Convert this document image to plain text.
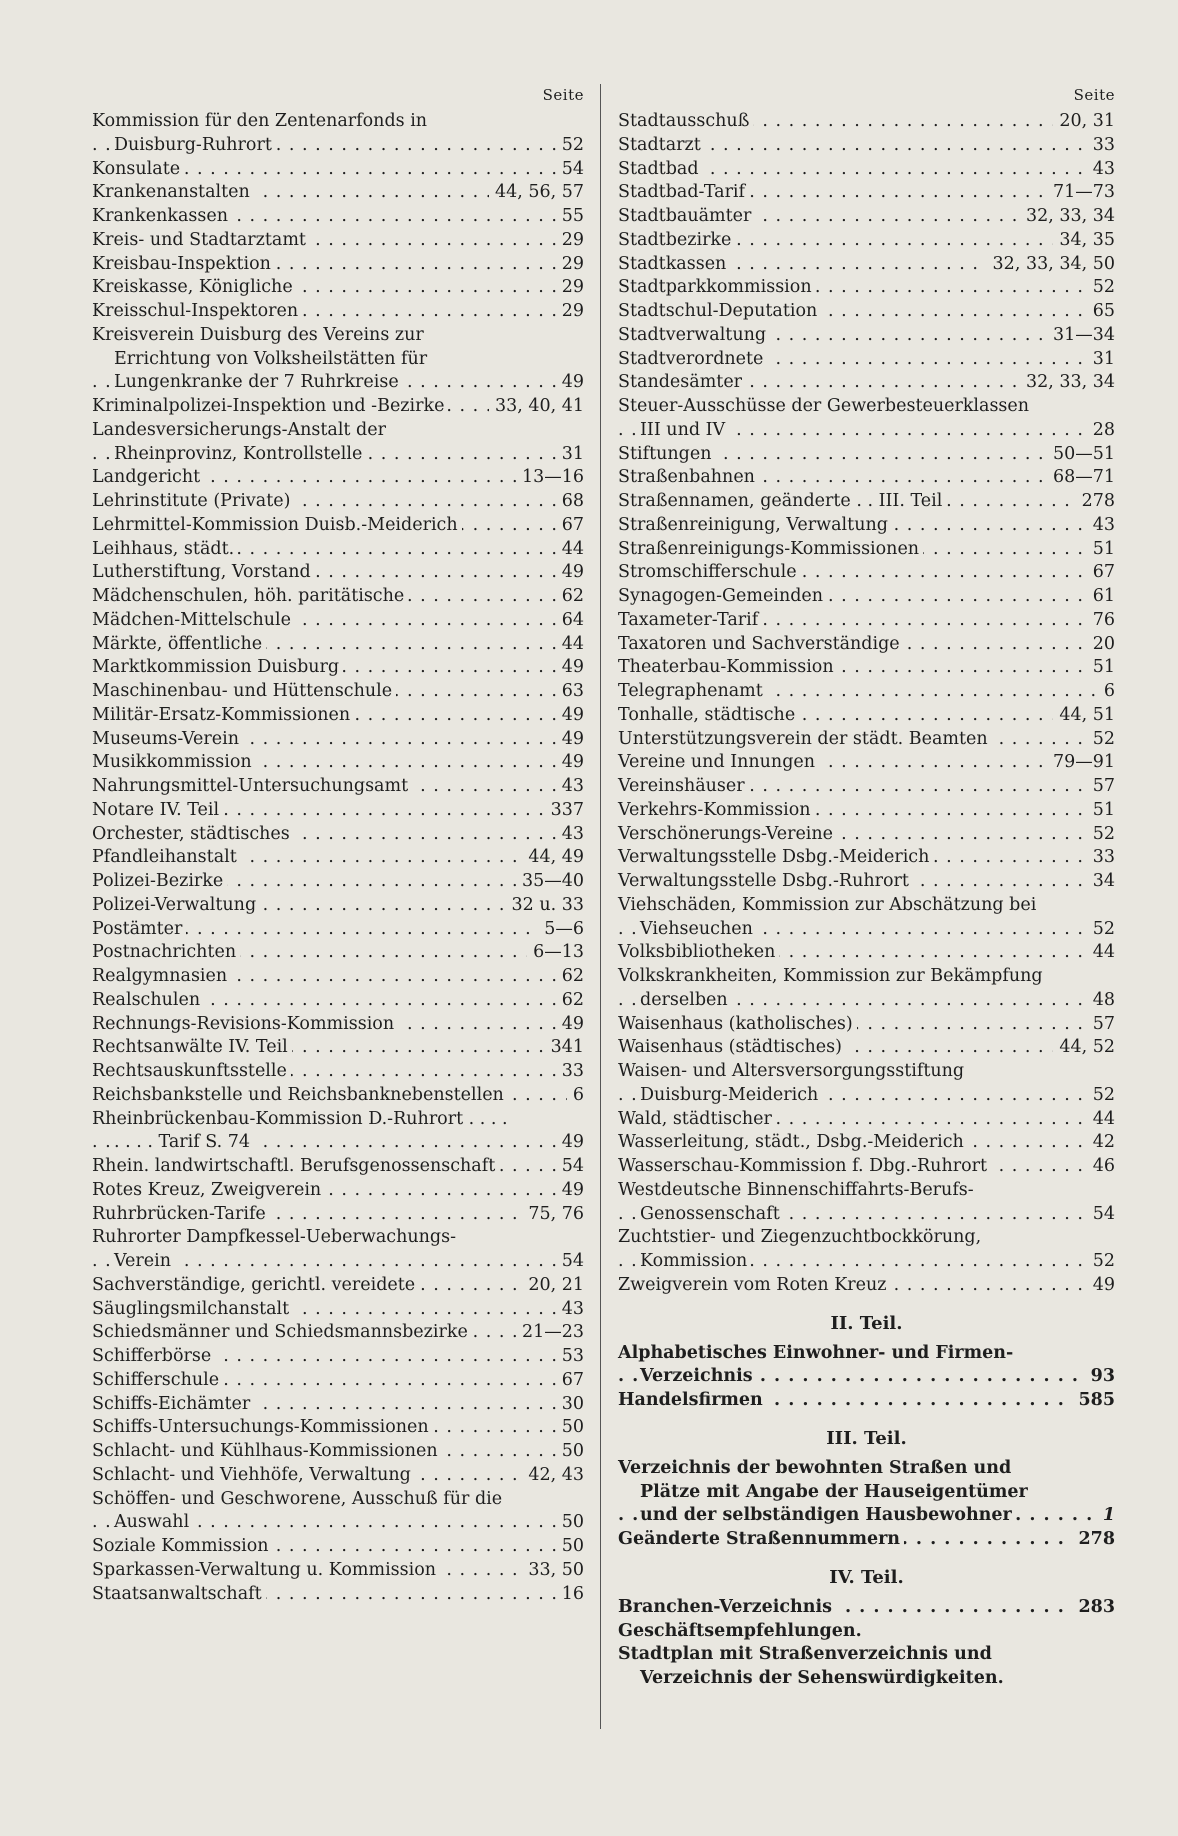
Seite
Kommission für den Zentenarfonds in Duisburg-Ruhrort	52
. . .
Konsulate	54
. . .
Krankenanstalten	44, 56, 57
. . .
Krankenkassen	55
. . .
Kreis- und Stadtarztamt	29
. . .
Kreisbau-Inspektion	29
. . .
Kreiskasse, Königliche	29
. . .
Kreisschul-Inspektoren	29
. . .
Kreisverein Duisburg des Vereins zur Errichtung von Volksheilstätten für Lungenkranke der 7 Ruhrkreise	49
. . .
Kriminalpolizei-Inspektion und -Bezirke	33, 40, 41
. . .
Landesversicherungs-Anstalt der Rheinprovinz, Kontrollstelle	31
. . .
Landgericht	13—16
. . .
Lehrinstitute (Private)	68
. . .
Lehrmittel-Kommission Duisb.-Meiderich	67
. . .
Leihhaus, städt.	44
. . .
Lutherstiftung, Vorstand	49
. . .
Mädchenschulen, höh. paritätische	62
. . .
Mädchen-Mittelschule	64
. . .
Märkte, öffentliche	44
. . .
Marktkommission Duisburg	49
. . .
Maschinenbau- und Hüttenschule	63
. . .
Militär-Ersatz-Kommissionen	49
. . .
Museums-Verein	49
. . .
Musikkommission	49
. . .
Nahrungsmittel-Untersuchungsamt	43
. . .
Notare IV. Teil	337
. . .
Orchester, städtisches	43
. . .
Pfandleihanstalt	44, 49
. . .
Polizei-Bezirke	35—40
. . .
Polizei-Verwaltung	32 u. 33
. . .
Postämter	5—6
. . .
Postnachrichten	6—13
. . .
Realgymnasien	62
. . .
Realschulen	62
. . .
Rechnungs-Revisions-Kommission	49
. . .
Rechtsanwälte IV. Teil	341
. . .
Rechtsauskunftsstelle	33
. . .
Reichsbankstelle und Reichsbanknebenstellen	6
. . .
Rheinbrückenbau-Kommission D.-Ruhrort . . . . . . . . Tarif S. 74	49
. . .
Rhein. landwirtschaftl. Berufsgenossenschaft	54
. . .
Rotes Kreuz, Zweigverein	49
. . .
Ruhrbrücken-Tarife	75, 76
. . .
Ruhrorter Dampfkessel-Ueberwachungs-Verein	54
. . .
Sachverständige, gerichtl. vereidete	20, 21
. . .
Säuglingsmilchanstalt	43
. . .
Schiedsmänner und Schiedsmannsbezirke	21—23
. . .
Schifferbörse	53
. . .
Schifferschule	67
. . .
Schiffs-Eichämter	30
. . .
Schiffs-Untersuchungs-Kommissionen	50
. . .
Schlacht- und Kühlhaus-Kommissionen	50
. . .
Schlacht- und Viehhöfe, Verwaltung	42, 43
. . .
Schöffen- und Geschworene, Ausschuß für die Auswahl	50
. . .
Soziale Kommission	50
. . .
Sparkassen-Verwaltung u. Kommission	33, 50
. . .
Staatsanwaltschaft	16
. . .
Seite
Stadtausschuß	20, 31
. . .
Stadtarzt	33
. . .
Stadtbad	43
. . .
Stadtbad-Tarif	71—73
. . .
Stadtbauämter	32, 33, 34
. . .
Stadtbezirke	34, 35
. . .
Stadtkassen	32, 33, 34, 50
. . .
Stadtparkkommission	52
. . .
Stadtschul-Deputation	65
. . .
Stadtverwaltung	31—34
. . .
Stadtverordnete	31
. . .
Standesämter	32, 33, 34
. . .
Steuer-Ausschüsse der Gewerbesteuerklassen III und IV	28
. . .
Stiftungen	50—51
. . .
Straßenbahnen	68—71
. . .
Straßennamen, geänderte . . III. Teil	278
. . .
Straßenreinigung, Verwaltung	43
. . .
Straßenreinigungs-Kommissionen	51
. . .
Stromschifferschule	67
. . .
Synagogen-Gemeinden	61
. . .
Taxameter-Tarif	76
. . .
Taxatoren und Sachverständige	20
. . .
Theaterbau-Kommission	51
. . .
Telegraphenamt	6
. . .
Tonhalle, städtische	44, 51
. . .
Unterstützungsverein der städt. Beamten	52
. . .
Vereine und Innungen	79—91
. . .
Vereinshäuser	57
. . .
Verkehrs-Kommission	51
. . .
Verschönerungs-Vereine	52
. . .
Verwaltungsstelle Dsbg.-Meiderich	33
. . .
Verwaltungsstelle Dsbg.-Ruhrort	34
. . .
Viehschäden, Kommission zur Abschätzung bei Viehseuchen	52
. . .
Volksbibliotheken	44
. . .
Volkskrankheiten, Kommission zur Bekämpfung derselben	48
. . .
Waisenhaus (katholisches)	57
. . .
Waisenhaus (städtisches)	44, 52
. . .
Waisen- und Altersversorgungsstiftung Duisburg-Meiderich	52
. . .
Wald, städtischer	44
. . .
Wasserleitung, städt., Dsbg.-Meiderich	42
. . .
Wasserschau-Kommission f. Dbg.-Ruhrort	46
. . .
Westdeutsche Binnenschiffahrts-Berufs-Genossenschaft	54
. . .
Zuchtstier- und Ziegenzuchtbockkörung, Kommission	52
. . .
Zweigverein vom Roten Kreuz	49
. . .
II. Teil.
Alphabetisches Einwohner- und Firmen-Verzeichnis	93
. . .
Handelsfirmen	585
. . .
III. Teil.
Verzeichnis der bewohnten Straßen und Plätze mit Angabe der Hauseigentümer und der selbständigen Hausbewohner	1
. . .
Geänderte Straßennummern	278
. . .
IV. Teil.
Branchen-Verzeichnis	283
. . .
Geschäftsempfehlungen.
Stadtplan mit Straßenverzeichnis und Verzeichnis der Sehenswürdigkeiten.
